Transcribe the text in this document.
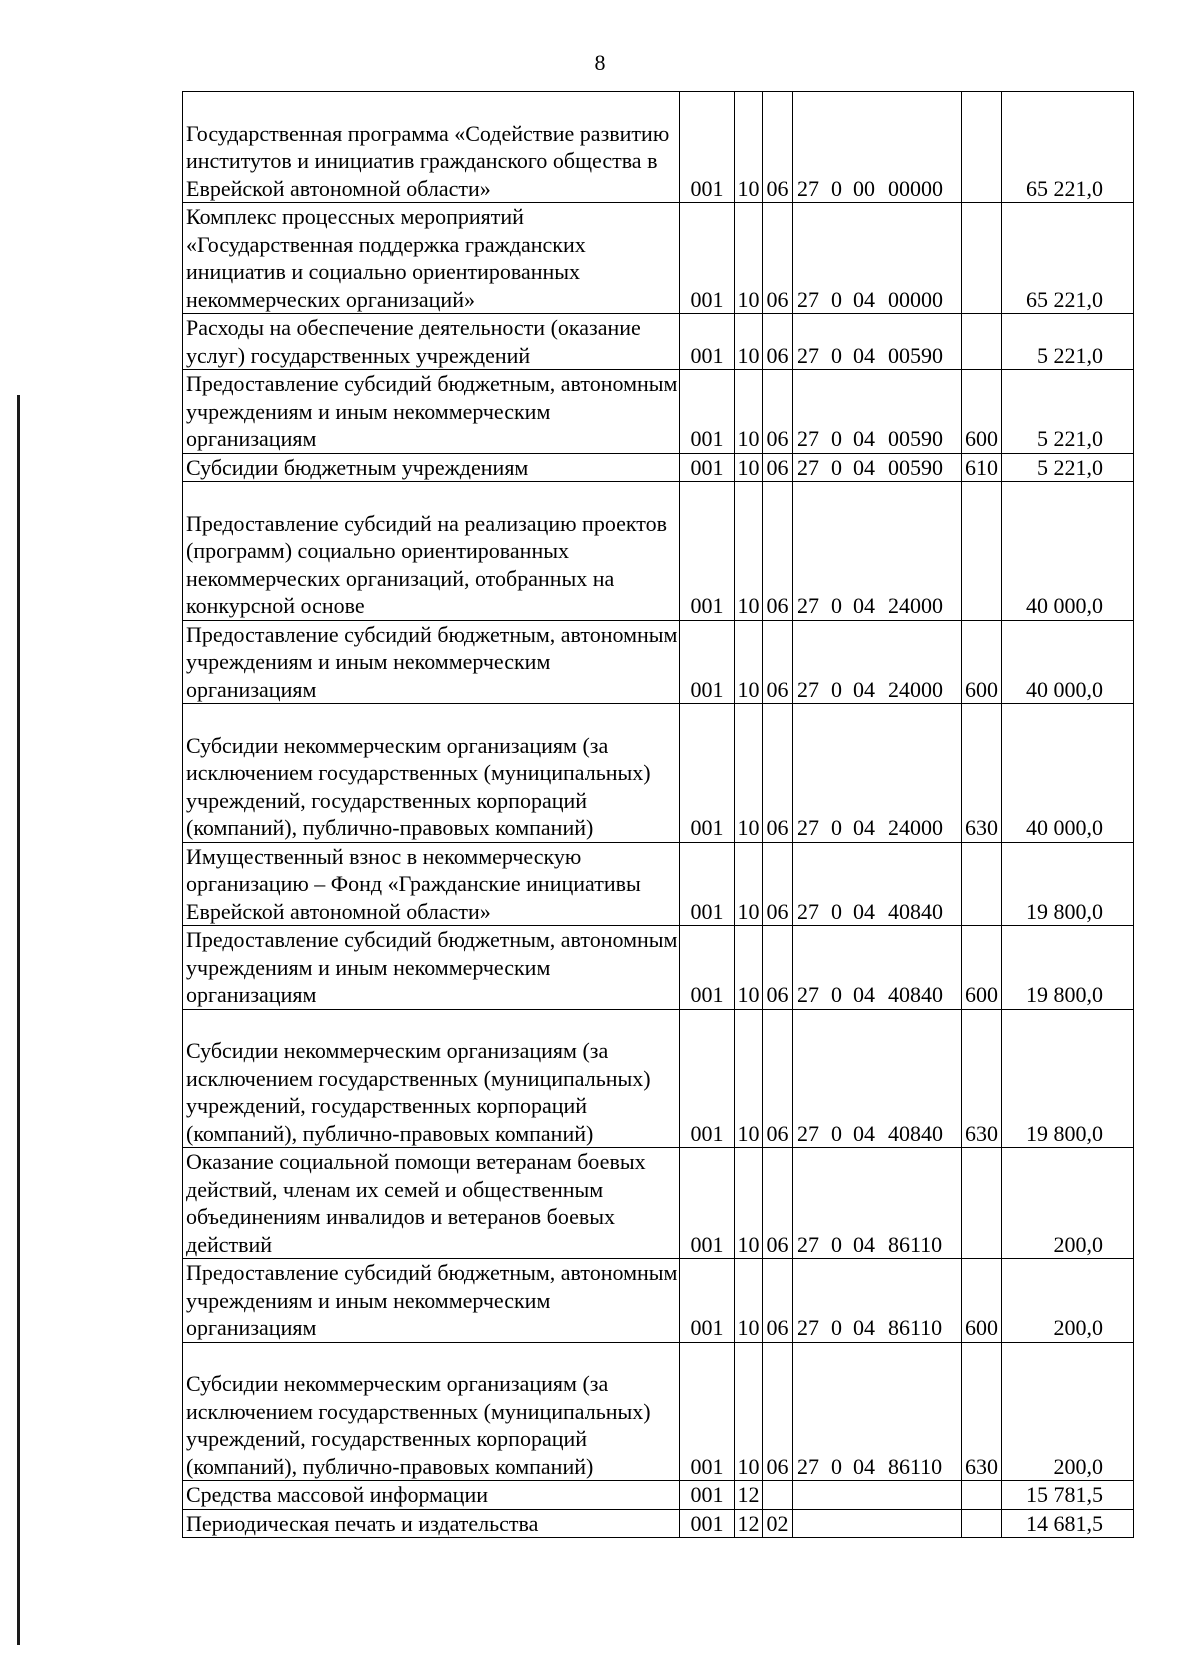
8
Государственная программа «Содействие развитию институтов и инициатив гражданского общества в Еврейской автономной области»	001	10	06	27 0 00 00000		65 221,0
Комплекс процессных мероприятий «Государственная поддержка гражданских инициатив и социально ориентированных некоммерческих организаций»	001	10	06	27 0 04 00000		65 221,0
Расходы на обеспечение деятельности (оказание услуг) государственных учреждений	001	10	06	27 0 04 00590		5 221,0
Предоставление субсидий бюджетным, автономным учреждениям и иным некоммерческим организациям	001	10	06	27 0 04 00590	600	5 221,0
Субсидии бюджетным учреждениям	001	10	06	27 0 04 00590	610	5 221,0
Предоставление субсидий на реализацию проектов (программ) социально ориентированных некоммерческих организаций, отобранных на конкурсной основе	001	10	06	27 0 04 24000		40 000,0
Предоставление субсидий бюджетным, автономным учреждениям и иным некоммерческим организациям	001	10	06	27 0 04 24000	600	40 000,0
Субсидии некоммерческим организациям (за исключением государственных (муниципальных) учреждений, государственных корпораций (компаний), публично-правовых компаний)	001	10	06	27 0 04 24000	630	40 000,0
Имущественный взнос в некоммерческую организацию – Фонд «Гражданские инициативы Еврейской автономной области»	001	10	06	27 0 04 40840		19 800,0
Предоставление субсидий бюджетным, автономным учреждениям и иным некоммерческим организациям	001	10	06	27 0 04 40840	600	19 800,0
Субсидии некоммерческим организациям (за исключением государственных (муниципальных) учреждений, государственных корпораций (компаний), публично-правовых компаний)	001	10	06	27 0 04 40840	630	19 800,0
Оказание социальной помощи ветеранам боевых действий, членам их семей и общественным объединениям инвалидов и ветеранов боевых действий	001	10	06	27 0 04 86110		200,0
Предоставление субсидий бюджетным, автономным учреждениям и иным некоммерческим организациям	001	10	06	27 0 04 86110	600	200,0
Субсидии некоммерческим организациям (за исключением государственных (муниципальных) учреждений, государственных корпораций (компаний), публично-правовых компаний)	001	10	06	27 0 04 86110	630	200,0
Средства массовой информации	001	12				15 781,5
Периодическая печать и издательства	001	12	02			14 681,5
